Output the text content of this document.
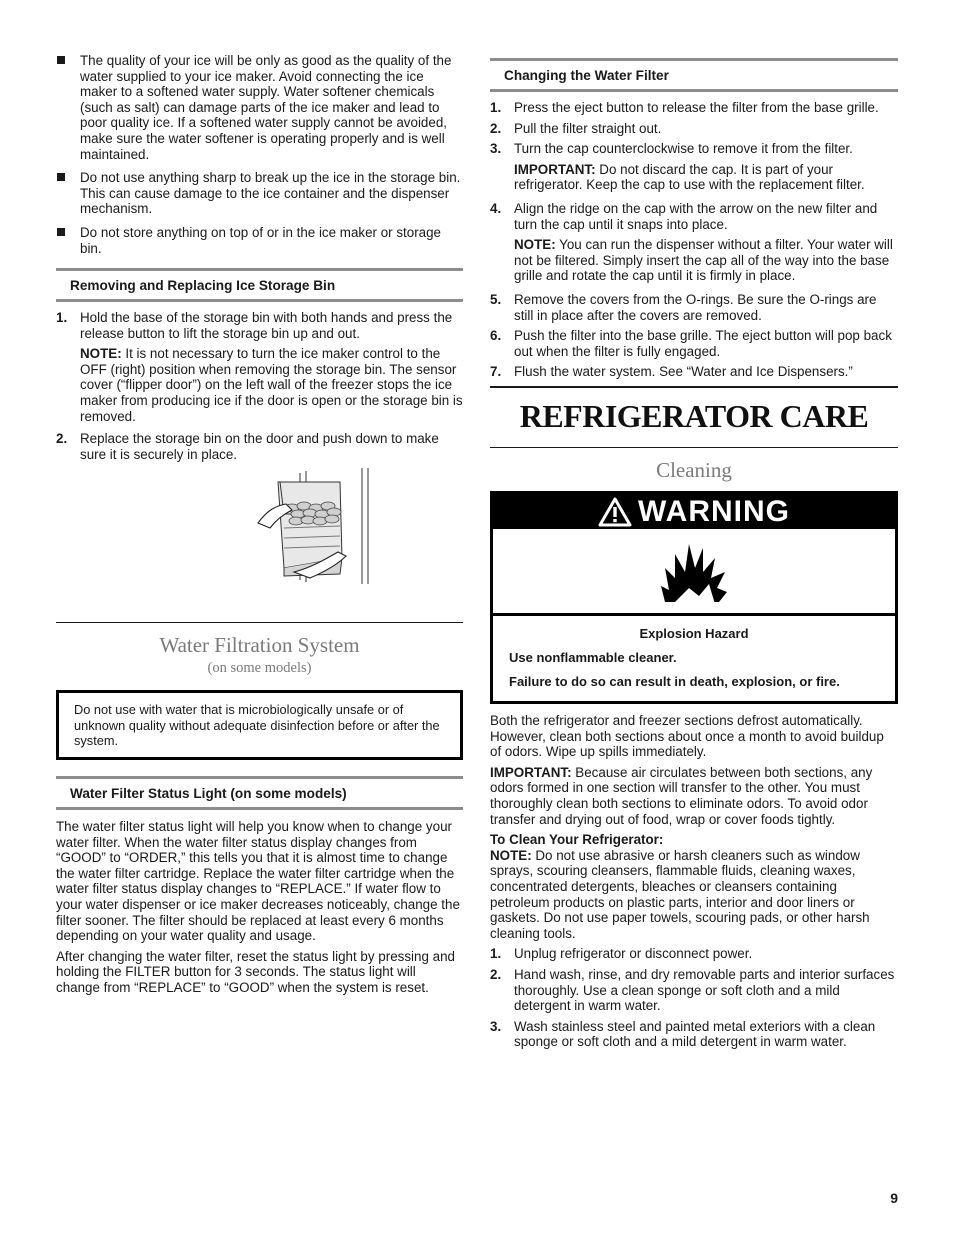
The quality of your ice will be only as good as the quality of the water supplied to your ice maker. Avoid connecting the ice maker to a softened water supply. Water softener chemicals (such as salt) can damage parts of the ice maker and lead to poor quality ice. If a softened water supply cannot be avoided, make sure the water softener is operating properly and is well maintained.

Do not use anything sharp to break up the ice in the storage bin. This can cause damage to the ice container and the dispenser mechanism.

Do not store anything on top of or in the ice maker or storage bin.

Removing and Replacing Ice Storage Bin
1. Hold the base of the storage bin with both hands and press the release button to lift the storage bin up and out.

NOTE: It is not necessary to turn the ice maker control to the OFF (right) position when removing the storage bin. The sensor cover (“flipper door”) on the left wall of the freezer stops the ice maker from producing ice if the door is open or the storage bin is removed.

2. Replace the storage bin on the door and push down to make sure it is securely in place.

Water Filtration System
(on some models)

Do not use with water that is microbiologically unsafe or of unknown quality without adequate disinfection before or after the system.

Water Filter Status Light (on some models)

The water filter status light will help you know when to change your water filter. When the water filter status display changes from “GOOD” to “ORDER,” this tells you that it is almost time to change the water filter cartridge. Replace the water filter cartridge when the water filter status display changes to “REPLACE.” If water flow to your water dispenser or ice maker decreases noticeably, change the filter sooner. The filter should be replaced at least every 6 months depending on your water quality and usage.

After changing the water filter, reset the status light by pressing and holding the FILTER button for 3 seconds. The status light will change from “REPLACE” to “GOOD” when the system is reset.

Changing the Water Filter
1. Press the eject button to release the filter from the base grille.

2. Pull the filter straight out.

3. Turn the cap counterclockwise to remove it from the filter.

IMPORTANT: Do not discard the cap. It is part of your refrigerator. Keep the cap to use with the replacement filter.

4. Align the ridge on the cap with the arrow on the new filter and turn the cap until it snaps into place.

NOTE: You can run the dispenser without a filter. Your water will not be filtered. Simply insert the cap all of the way into the base grille and rotate the cap until it is firmly in place.

5. Remove the covers from the O-rings. Be sure the O-rings are still in place after the covers are removed.

6. Push the filter into the base grille. The eject button will pop back out when the filter is fully engaged.

7. Flush the water system. See “Water and Ice Dispensers.”

REFRIGERATOR CARE
Cleaning
WARNING

Explosion Hazard

Use nonflammable cleaner.

Failure to do so can result in death, explosion, or fire.

Both the refrigerator and freezer sections defrost automatically. However, clean both sections about once a month to avoid buildup of odors. Wipe up spills immediately.

IMPORTANT: Because air circulates between both sections, any odors formed in one section will transfer to the other. You must thoroughly clean both sections to eliminate odors. To avoid odor transfer and drying out of food, wrap or cover foods tightly.

To Clean Your Refrigerator:

NOTE: Do not use abrasive or harsh cleaners such as window sprays, scouring cleansers, flammable fluids, cleaning waxes, concentrated detergents, bleaches or cleansers containing petroleum products on plastic parts, interior and door liners or gaskets. Do not use paper towels, scouring pads, or other harsh cleaning tools.

1. Unplug refrigerator or disconnect power.

2. Hand wash, rinse, and dry removable parts and interior surfaces thoroughly. Use a clean sponge or soft cloth and a mild detergent in warm water.

3. Wash stainless steel and painted metal exteriors with a clean sponge or soft cloth and a mild detergent in warm water.

9
